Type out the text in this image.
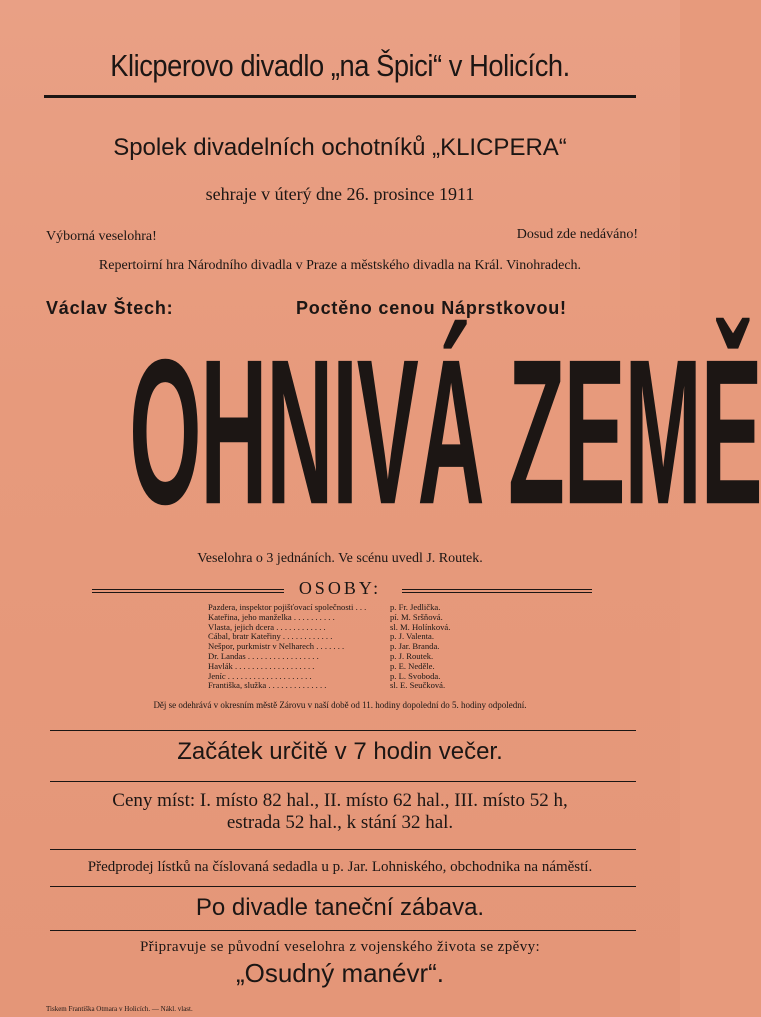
Klicperovo divadlo „na Špici“ v Holicích.
Spolek divadelních ochotníků „KLICPERA“
sehraje v úterý dne 26. prosince 1911
Výborná veselohra!	Dosud zde nedáváno!
Repertoirní hra Národního divadla v Praze a městského divadla na Král. Vinohradech.
Václav Štech:	Poctěno cenou Náprstkovou!
OHNIVÁ ZEMĚ
Veselohra o 3 jednáních. Ve scénu uvedl J. Routek.
OSOBY:
Pazdera, inspektor pojišťovací společnosti . . .	p. Fr. Jedlička.
Kateřina, jeho manželka . . . . . . . . . .	pí. M. Sršňová.
Vlasta, jejich dcera . . . . . . . . . . . .	sl. M. Holínková.
Cábal, bratr Kateřiny . . . . . . . . . . . .	p. J. Valenta.
Nešpor, purkmistr v Nelharech . . . . . . .	p. Jar. Branda.
Dr. Landas . . . . . . . . . . . . . . . . .	p. J. Routek.
Havlák . . . . . . . . . . . . . . . . . . .	p. E. Neděle.
Jeníc . . . . . . . . . . . . . . . . . . . .	p. L. Svoboda.
Františka, služka . . . . . . . . . . . . . .	sl. E. Seučková.
Děj se odehrává v okresním městě Zárovu v naší době od 11. hodiny dopolední do 5. hodiny odpolední.
Začátek určitě v 7 hodin večer.
Ceny míst: I. místo 82 hal., II. místo 62 hal., III. místo 52 h,
estrada 52 hal., k stání 32 hal.
Předprodej lístků na číslovaná sedadla u p. Jar. Lohniského, obchodnika na náměstí.
Po divadle taneční zábava.
Připravuje se původní veselohra z vojenského života se zpěvy:
„Osudný manévr“.
Tiskem Františka Otmara v Holicích. — Nákl. vlast.
